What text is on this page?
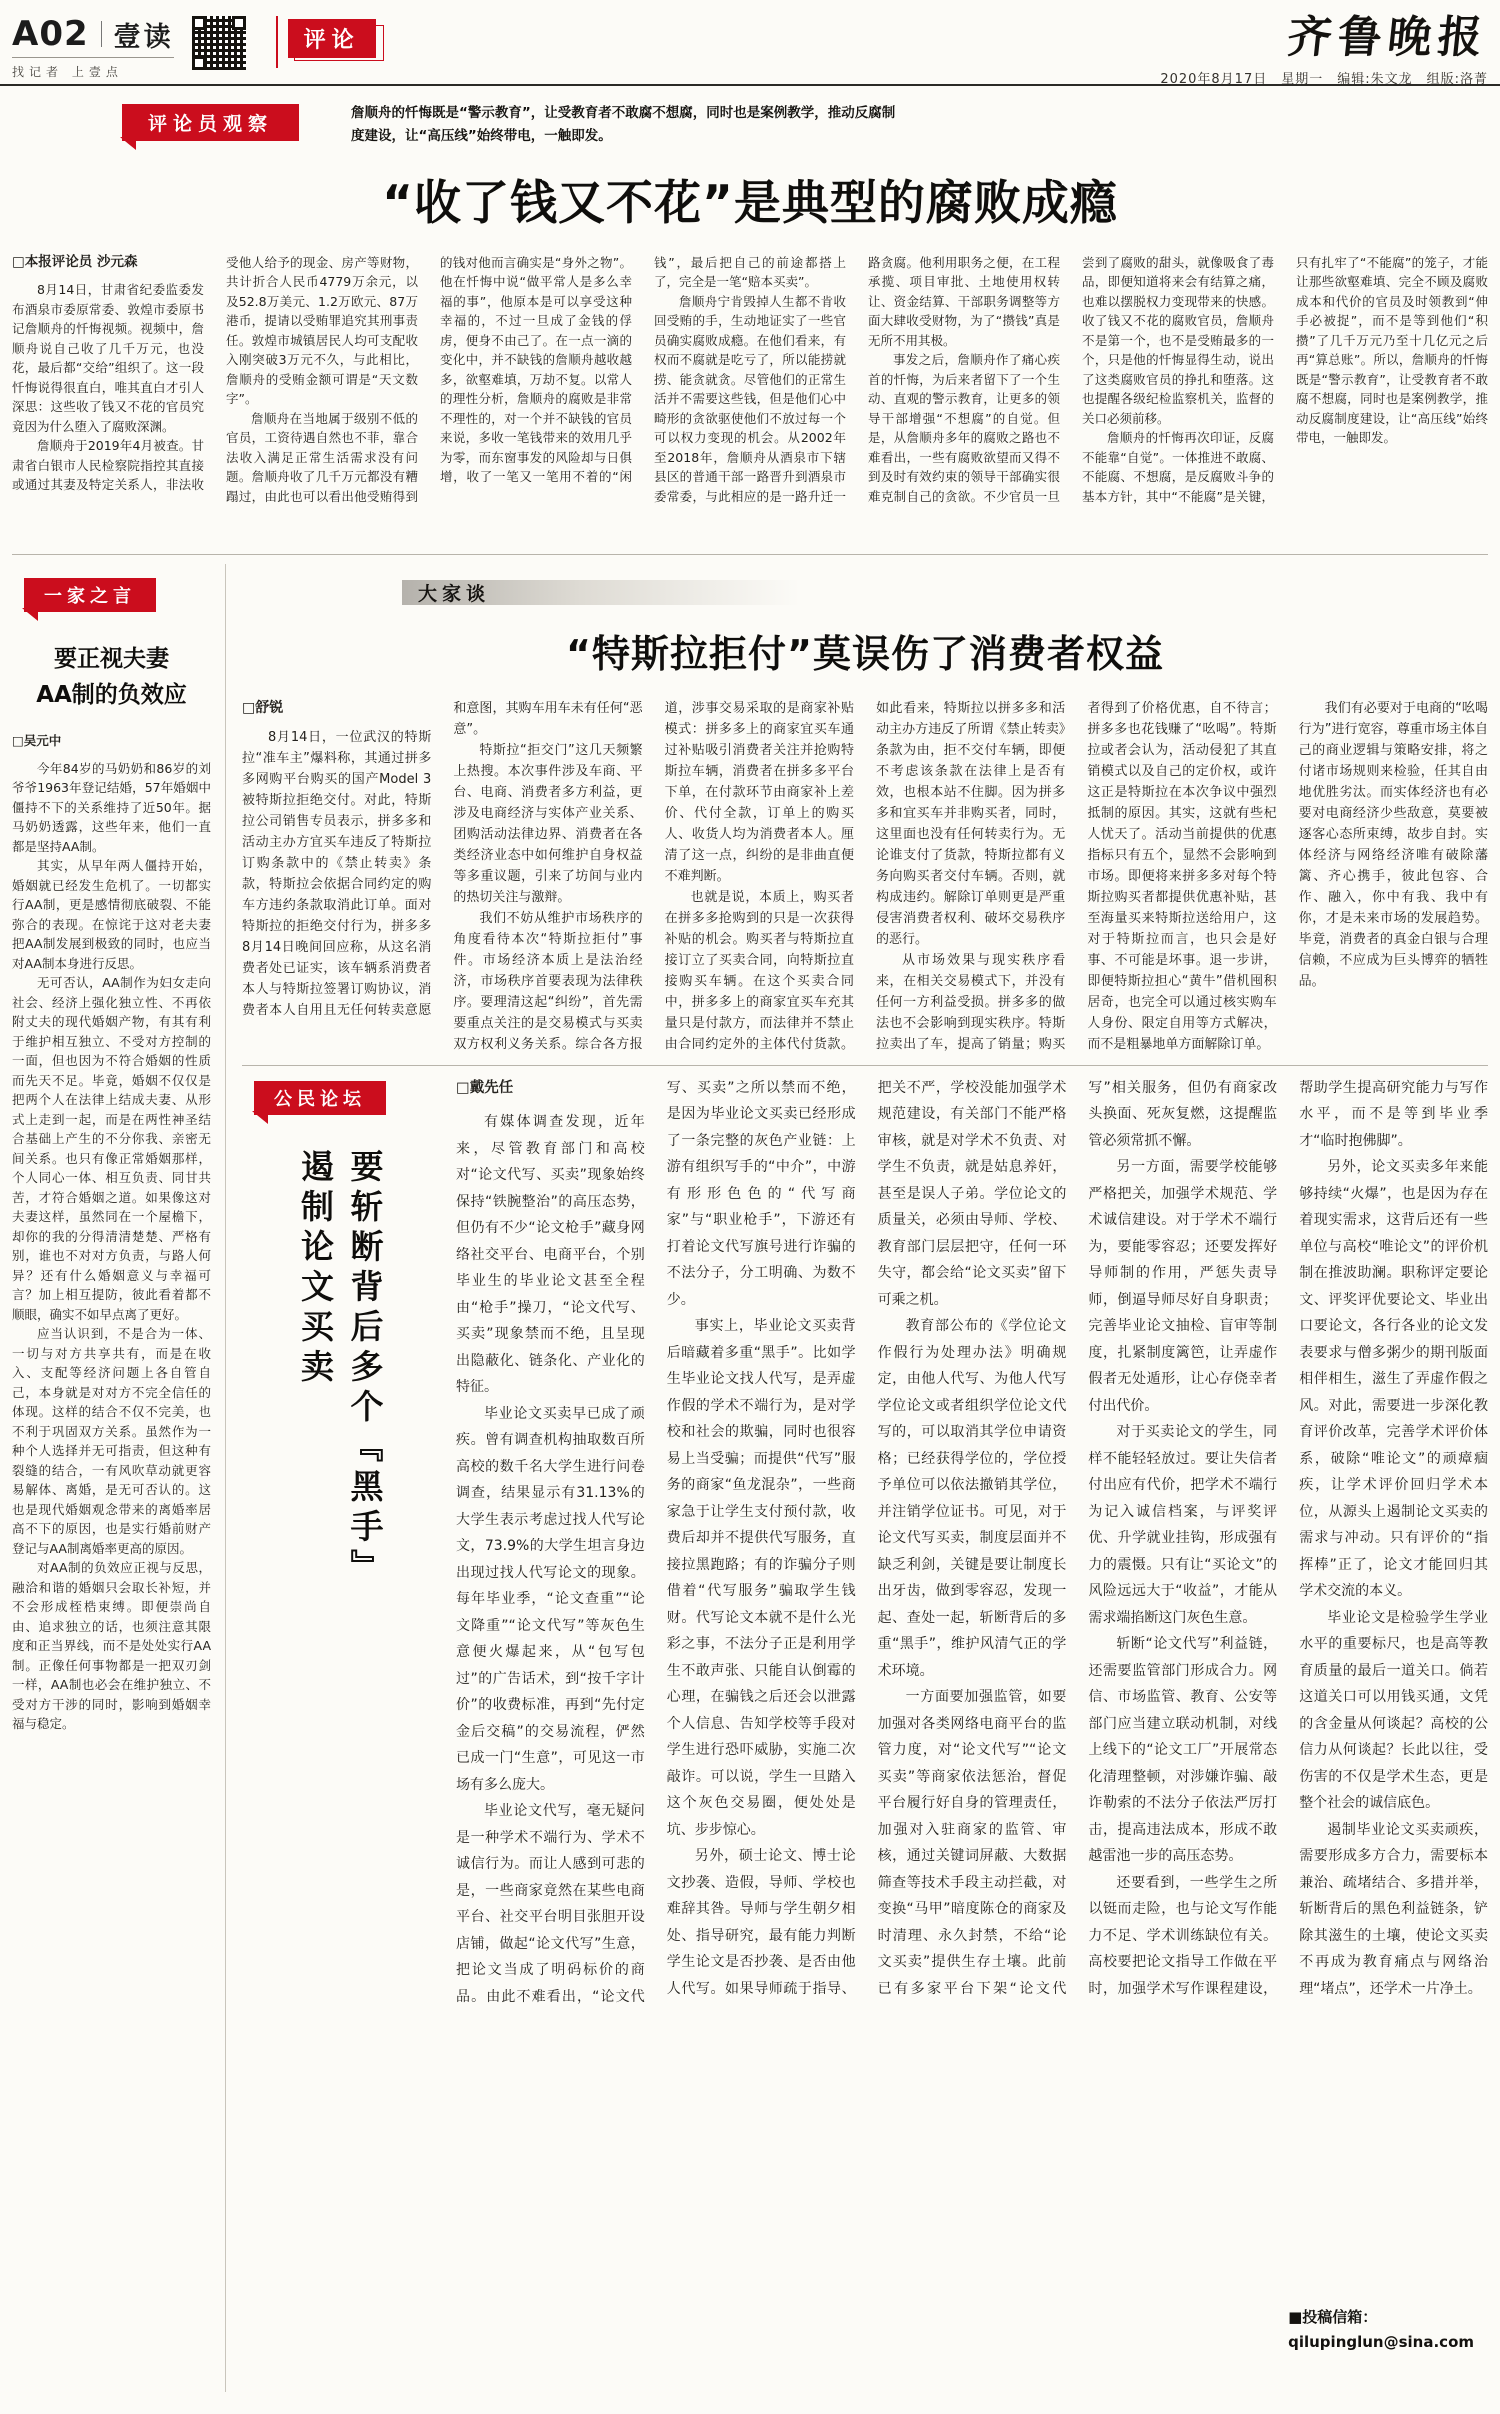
A02 壹读
找记者 上壹点
评论	齐鲁晚报
2020年8月17日　星期一　编辑:朱文龙　组版:洛菁
评论员观察	詹顺舟的忏悔既是“警示教育”，让受教育者不敢腐不想腐，同时也是案例教学，推动反腐制度建设，让“高压线”始终带电，一触即发。

“收了钱又不花”是典型的腐败成瘾

□本报评论员 沙元森

8月14日，甘肃省纪委监委发布酒泉市委原常委、敦煌市委原书记詹顺舟的忏悔视频。视频中，詹顺舟说自己收了几千万元，也没花，最后都“交给”组织了。这一段忏悔说得很直白，唯其直白才引人深思：这些收了钱又不花的官员究竟因为什么堕入了腐败深渊。

詹顺舟于2019年4月被查。甘肃省白银市人民检察院指控其直接或通过其妻及特定关系人，非法收受他人给予的现金、房产等财物，共计折合人民币4779万余元，以及52.8万美元、1.2万欧元、87万港币，提请以受贿罪追究其刑事责任。敦煌市城镇居民人均可支配收入刚突破3万元不久，与此相比，詹顺舟的受贿金额可谓是“天文数字”。

詹顺舟在当地属于级别不低的官员，工资待遇自然也不菲，靠合法收入满足正常生活需求没有问题。詹顺舟收了几千万元都没有糟蹋过，由此也可以看出他受贿得到的钱对他而言确实是“身外之物”。他在忏悔中说“做平常人是多么幸福的事”，他原本是可以享受这种幸福的，不过一旦成了金钱的俘虏，便身不由己了。在一点一滴的变化中，并不缺钱的詹顺舟越收越多，欲壑难填，万劫不复。以常人的理性分析，詹顺舟的腐败是非常不理性的，对一个并不缺钱的官员来说，多收一笔钱带来的效用几乎为零，而东窗事发的风险却与日俱增，收了一笔又一笔用不着的“闲钱”，最后把自己的前途都搭上了，完全是一笔“赔本买卖”。

詹顺舟宁肯毁掉人生都不肯收回受贿的手，生动地证实了一些官员确实腐败成瘾。在他们看来，有权而不腐就是吃亏了，所以能捞就捞、能贪就贪。尽管他们的正常生活并不需要这些钱，但是他们心中畸形的贪欲驱使他们不放过每一个可以权力变现的机会。从2002年至2018年，詹顺舟从酒泉市下辖县区的普通干部一路晋升到酒泉市委常委，与此相应的是一路升迁一路贪腐。他利用职务之便，在工程承揽、项目审批、土地使用权转让、资金结算、干部职务调整等方面大肆收受财物，为了“攒钱”真是无所不用其极。

事发之后，詹顺舟作了痛心疾首的忏悔，为后来者留下了一个生动、直观的警示教育，让更多的领导干部增强“不想腐”的自觉。但是，从詹顺舟多年的腐败之路也不难看出，一些有腐败欲望而又得不到及时有效约束的领导干部确实很难克制自己的贪欲。不少官员一旦尝到了腐败的甜头，就像吸食了毒品，即便知道将来会有结算之痛，也难以摆脱权力变现带来的快感。收了钱又不花的腐败官员，詹顺舟不是第一个，也不是受贿最多的一个，只是他的忏悔显得生动，说出了这类腐败官员的挣扎和堕落。这也提醒各级纪检监察机关，监督的关口必须前移。

詹顺舟的忏悔再次印证，反腐不能靠“自觉”。一体推进不敢腐、不能腐、不想腐，是反腐败斗争的基本方针，其中“不能腐”是关键，只有扎牢了“不能腐”的笼子，才能让那些欲壑难填、完全不顾及腐败成本和代价的官员及时领教到“伸手必被捉”，而不是等到他们“积攒”了几千万元乃至十几亿元之后再“算总账”。所以，詹顺舟的忏悔既是“警示教育”，让受教育者不敢腐不想腐，同时也是案例教学，推动反腐制度建设，让“高压线”始终带电，一触即发。

一家之言
要正视夫妻
AA制的负效应

□吴元中

今年84岁的马奶奶和86岁的刘爷爷1963年登记结婚，57年婚姻中僵持不下的关系维持了近50年。据马奶奶透露，这些年来，他们一直都是坚持AA制。

其实，从早年两人僵持开始，婚姻就已经发生危机了。一切都实行AA制，更是感情彻底破裂、不能弥合的表现。在惊诧于这对老夫妻把AA制发展到极致的同时，也应当对AA制本身进行反思。

无可否认，AA制作为妇女走向社会、经济上强化独立性、不再依附丈夫的现代婚姻产物，有其有利于维护相互独立、不受对方控制的一面，但也因为不符合婚姻的性质而先天不足。毕竟，婚姻不仅仅是把两个人在法律上结成夫妻、从形式上走到一起，而是在两性神圣结合基础上产生的不分你我、亲密无间关系。也只有像正常婚姻那样，个人同心一体、相互负责、同甘共苦，才符合婚姻之道。如果像这对夫妻这样，虽然同在一个屋檐下，却你的我的分得清清楚楚、严格有别，谁也不对对方负责，与路人何异？还有什么婚姻意义与幸福可言？加上相互提防，彼此看着都不顺眼，确实不如早点离了更好。

应当认识到，不是合为一体、一切与对方共享共有，而是在收入、支配等经济问题上各自管自己，本身就是对对方不完全信任的体现。这样的结合不仅不完美，也不利于巩固双方关系。虽然作为一种个人选择并无可指责，但这种有裂缝的结合，一有风吹草动就更容易解体、离婚，是无可否认的。这也是现代婚姻观念带来的离婚率居高不下的原因，也是实行婚前财产登记与AA制离婚率更高的原因。

对AA制的负效应正视与反思，融洽和谐的婚姻只会取长补短，并不会形成桎梏束缚。即便崇尚自由、追求独立的话，也须注意其限度和正当界线，而不是处处实行AA制。正像任何事物都是一把双刃剑一样，AA制也必会在维护独立、不受对方干涉的同时，影响到婚姻幸福与稳定。

大家谈
“特斯拉拒付”莫误伤了消费者权益

□舒锐

8月14日，一位武汉的特斯拉“准车主”爆料称，其通过拼多多网购平台购买的国产Model 3被特斯拉拒绝交付。对此，特斯拉公司销售专员表示，拼多多和活动主办方宜买车违反了特斯拉订购条款中的《禁止转卖》条款，特斯拉会依据合同约定的购车方违约条款取消此订单。面对特斯拉的拒绝交付行为，拼多多8月14日晚间回应称，从这名消费者处已证实，该车辆系消费者本人与特斯拉签署订购协议，消费者本人自用且无任何转卖意愿和意图，其购车用车未有任何“恶意”。

特斯拉“拒交门”这几天频繁上热搜。本次事件涉及车商、平台、电商、消费者多方利益，更涉及电商经济与实体产业关系、团购活动法律边界、消费者在各类经济业态中如何维护自身权益等多重议题，引来了坊间与业内的热切关注与激辩。

我们不妨从维护市场秩序的角度看待本次“特斯拉拒付”事件。市场经济本质上是法治经济，市场秩序首要表现为法律秩序。要理清这起“纠纷”，首先需要重点关注的是交易模式与买卖双方权利义务关系。综合各方报道，涉事交易采取的是商家补贴模式：拼多多上的商家宜买车通过补贴吸引消费者关注并抢购特斯拉车辆，消费者在拼多多平台下单，在付款环节由商家补上差价、代付全款，订单上的购买人、收货人均为消费者本人。厘清了这一点，纠纷的是非曲直便不难判断。

也就是说，本质上，购买者在拼多多抢购到的只是一次获得补贴的机会。购买者与特斯拉直接订立了买卖合同，向特斯拉直接购买车辆。在这个买卖合同中，拼多多上的商家宜买车充其量只是付款方，而法律并不禁止由合同约定外的主体代付货款。如此看来，特斯拉以拼多多和活动主办方违反了所谓《禁止转卖》条款为由，拒不交付车辆，即便不考虑该条款在法律上是否有效，也根本站不住脚。因为拼多多和宜买车并非购买者，同时，这里面也没有任何转卖行为。无论谁支付了货款，特斯拉都有义务向购买者交付车辆。否则，就构成违约。解除订单则更是严重侵害消费者权利、破坏交易秩序的恶行。

从市场效果与现实秩序看来，在相关交易模式下，并没有任何一方利益受损。拼多多的做法也不会影响到现实秩序。特斯拉卖出了车，提高了销量；购买者得到了价格优惠，自不待言；拼多多也花钱赚了“吆喝”。特斯拉或者会认为，活动侵犯了其直销模式以及自己的定价权，或许这正是特斯拉在本次争议中强烈抵制的原因。其实，这就有些杞人忧天了。活动当前提供的优惠指标只有五个，显然不会影响到市场。即便将来拼多多对每个特斯拉购买者都提供优惠补贴，甚至海量买来特斯拉送给用户，这对于特斯拉而言，也只会是好事、不可能是坏事。退一步讲，即便特斯拉担心“黄牛”借机囤积居奇，也完全可以通过核实购车人身份、限定自用等方式解决，而不是粗暴地单方面解除订单。

我们有必要对于电商的“吆喝行为”进行宽容，尊重市场主体自己的商业逻辑与策略安排，将之付诸市场规则来检验，任其自由地优胜劣汰。而实体经济也有必要对电商经济少些敌意，莫要被逐客心态所束缚，故步自封。实体经济与网络经济唯有破除藩篱、齐心携手，彼此包容、合作、融入，你中有我、我中有你，才是未来市场的发展趋势。毕竟，消费者的真金白银与合理信赖，不应成为巨头博弈的牺牲品。

公民论坛
要斩断背后多个『黑手』
遏制论文买卖

□戴先任

有媒体调查发现，近年来，尽管教育部门和高校对“论文代写、买卖”现象始终保持“铁腕整治”的高压态势，但仍有不少“论文枪手”藏身网络社交平台、电商平台，个别毕业生的毕业论文甚至全程由“枪手”操刀，“论文代写、买卖”现象禁而不绝，且呈现出隐蔽化、链条化、产业化的特征。

毕业论文买卖早已成了顽疾。曾有调查机构抽取数百所高校的数千名大学生进行问卷调查，结果显示有31.13%的大学生表示考虑过找人代写论文，73.9%的大学生坦言身边出现过找人代写论文的现象。每年毕业季，“论文查重”“论文降重”“论文代写”等灰色生意便火爆起来，从“包写包过”的广告话术，到“按千字计价”的收费标准，再到“先付定金后交稿”的交易流程，俨然已成一门“生意”，可见这一市场有多么庞大。

毕业论文代写，毫无疑问是一种学术不端行为、学术不诚信行为。而让人感到可悲的是，一些商家竟然在某些电商平台、社交平台明目张胆开设店铺，做起“论文代写”生意，把论文当成了明码标价的商品。由此不难看出，“论文代写、买卖”之所以禁而不绝，是因为毕业论文买卖已经形成了一条完整的灰色产业链：上游有组织写手的“中介”，中游有形形色色的“代写商家”与“职业枪手”，下游还有打着论文代写旗号进行诈骗的不法分子，分工明确、为数不少。

事实上，毕业论文买卖背后暗藏着多重“黑手”。比如学生毕业论文找人代写，是弄虚作假的学术不端行为，是对学校和社会的欺骗，同时也很容易上当受骗；而提供“代写”服务的商家“鱼龙混杂”，一些商家急于让学生支付预付款，收费后却并不提供代写服务，直接拉黑跑路；有的诈骗分子则借着“代写服务”骗取学生钱财。代写论文本就不是什么光彩之事，不法分子正是利用学生不敢声张、只能自认倒霉的心理，在骗钱之后还会以泄露个人信息、告知学校等手段对学生进行恐吓威胁，实施二次敲诈。可以说，学生一旦踏入这个灰色交易圈，便处处是坑、步步惊心。

另外，硕士论文、博士论文抄袭、造假，导师、学校也难辞其咎。导师与学生朝夕相处、指导研究，最有能力判断学生论文是否抄袭、是否由他人代写。如果导师疏于指导、把关不严，学校没能加强学术规范建设，有关部门不能严格审核，就是对学术不负责、对学生不负责，就是姑息养奸，甚至是误人子弟。学位论文的质量关，必须由导师、学校、教育部门层层把守，任何一环失守，都会给“论文买卖”留下可乘之机。

教育部公布的《学位论文作假行为处理办法》明确规定，由他人代写、为他人代写学位论文或者组织学位论文代写的，可以取消其学位申请资格；已经获得学位的，学位授予单位可以依法撤销其学位，并注销学位证书。可见，对于论文代写买卖，制度层面并不缺乏利剑，关键是要让制度长出牙齿，做到零容忍，发现一起、查处一起，斩断背后的多重“黑手”，维护风清气正的学术环境。

一方面要加强监管，如要加强对各类网络电商平台的监管力度，对“论文代写”“论文买卖”等商家依法惩治，督促平台履行好自身的管理责任，加强对入驻商家的监管、审核，通过关键词屏蔽、大数据筛查等技术手段主动拦截，对变换“马甲”暗度陈仓的商家及时清理、永久封禁，不给“论文买卖”提供生存土壤。此前已有多家平台下架“论文代写”相关服务，但仍有商家改头换面、死灰复燃，这提醒监管必须常抓不懈。

另一方面，需要学校能够严格把关，加强学术规范、学术诚信建设。对于学术不端行为，要能零容忍；还要发挥好导师制的作用，严惩失责导师，倒逼导师尽好自身职责；完善毕业论文抽检、盲审等制度，扎紧制度篱笆，让弄虚作假者无处遁形，让心存侥幸者付出代价。

对于买卖论文的学生，同样不能轻轻放过。要让失信者付出应有代价，把学术不端行为记入诚信档案，与评奖评优、升学就业挂钩，形成强有力的震慑。只有让“买论文”的风险远远大于“收益”，才能从需求端掐断这门灰色生意。

斩断“论文代写”利益链，还需要监管部门形成合力。网信、市场监管、教育、公安等部门应当建立联动机制，对线上线下的“论文工厂”开展常态化清理整顿，对涉嫌诈骗、敲诈勒索的不法分子依法严厉打击，提高违法成本，形成不敢越雷池一步的高压态势。

还要看到，一些学生之所以铤而走险，也与论文写作能力不足、学术训练缺位有关。高校要把论文指导工作做在平时，加强学术写作课程建设，帮助学生提高研究能力与写作水平，而不是等到毕业季才“临时抱佛脚”。

另外，论文买卖多年来能够持续“火爆”，也是因为存在着现实需求，这背后还有一些单位与高校“唯论文”的评价机制在推波助澜。职称评定要论文、评奖评优要论文、毕业出口要论文，各行各业的论文发表要求与僧多粥少的期刊版面相伴相生，滋生了弄虚作假之风。对此，需要进一步深化教育评价改革，完善学术评价体系，破除“唯论文”的顽瘴痼疾，让学术评价回归学术本位，从源头上遏制论文买卖的需求与冲动。只有评价的“指挥棒”正了，论文才能回归其学术交流的本义。

毕业论文是检验学生学业水平的重要标尺，也是高等教育质量的最后一道关口。倘若这道关口可以用钱买通，文凭的含金量从何谈起？高校的公信力从何谈起？长此以往，受伤害的不仅是学术生态，更是整个社会的诚信底色。

遏制毕业论文买卖顽疾，需要形成多方合力，需要标本兼治、疏堵结合、多措并举，斩断背后的黑色利益链条，铲除其滋生的土壤，使论文买卖不再成为教育痛点与网络治理“堵点”，还学术一片净土。

■投稿信箱：
qilupinglun@sina.com
